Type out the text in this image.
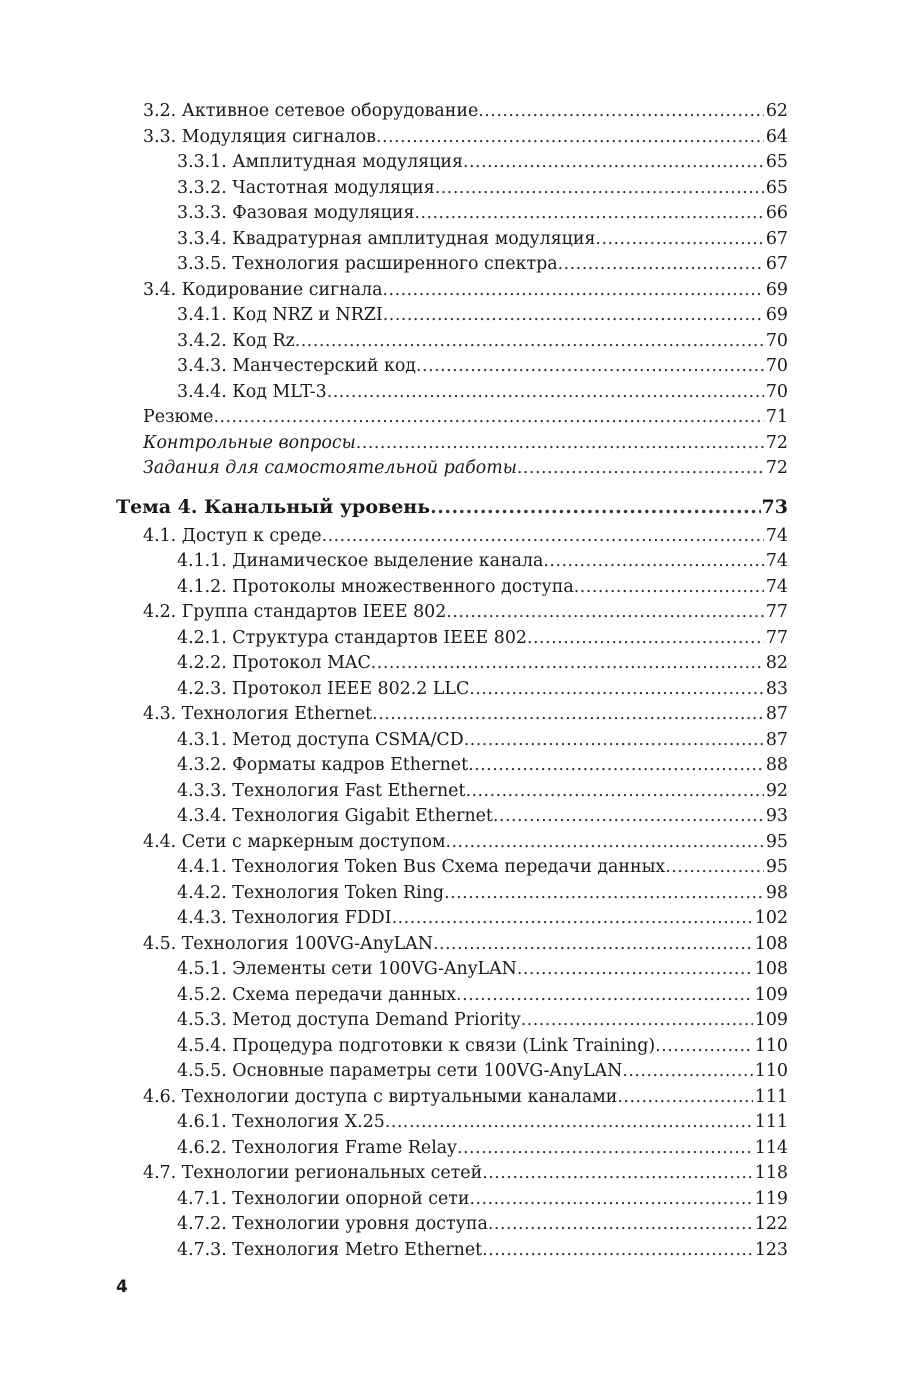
3.2. Активное сетевое оборудование .....	62
3.3. Модуляция сигналов .....	64
3.3.1. Амплитудная модуляция .....	65
3.3.2. Частотная модуляция .....	65
3.3.3. Фазовая модуляция .....	66
3.3.4. Квадратурная амплитудная модуляция .....	67
3.3.5. Технология расширенного спектра .....	67
3.4. Кодирование сигнала .....	69
3.4.1. Код NRZ и NRZI .....	69
3.4.2. Код Rz .....	70
3.4.3. Манчестерский код .....	70
3.4.4. Код MLT-3 .....	70
Резюме .....	71
Контрольные вопросы .....	72
Задания для самостоятельной работы .....	72
Тема 4. Канальный уровень .....	73
4.1. Доступ к среде .....	74
4.1.1. Динамическое выделение канала .....	74
4.1.2. Протоколы множественного доступа .....	74
4.2. Группа стандартов IEEE 802 .....	77
4.2.1. Структура стандартов IEEE 802 .....	77
4.2.2. Протокол MAC .....	82
4.2.3. Протокол IEEE 802.2 LLC .....	83
4.3. Технология Ethernet .....	87
4.3.1. Метод доступа CSMA/CD .....	87
4.3.2. Форматы кадров Ethernet .....	88
4.3.3. Технология Fast Ethernet .....	92
4.3.4. Технология Gigabit Ethernet .....	93
4.4. Сети с маркерным доступом .....	95
4.4.1. Технология Token Bus Схема передачи данных .....	95
4.4.2. Технология Token Ring .....	98
4.4.3. Технология FDDI .....	102
4.5. Технология 100VG-AnyLAN .....	108
4.5.1. Элементы сети 100VG-AnyLAN .....	108
4.5.2. Схема передачи данных .....	109
4.5.3. Метод доступа Demand Priority .....	109
4.5.4. Процедура подготовки к связи (Link Training) .....	110
4.5.5. Основные параметры сети 100VG-AnyLAN .....	110
4.6. Технологии доступа с виртуальными каналами .....	111
4.6.1. Технология X.25 .....	111
4.6.2. Технология Frame Relay .....	114
4.7. Технологии региональных сетей .....	118
4.7.1. Технологии опорной сети .....	119
4.7.2. Технологии уровня доступа .....	122
4.7.3. Технология Metro Ethernet .....	123
4
